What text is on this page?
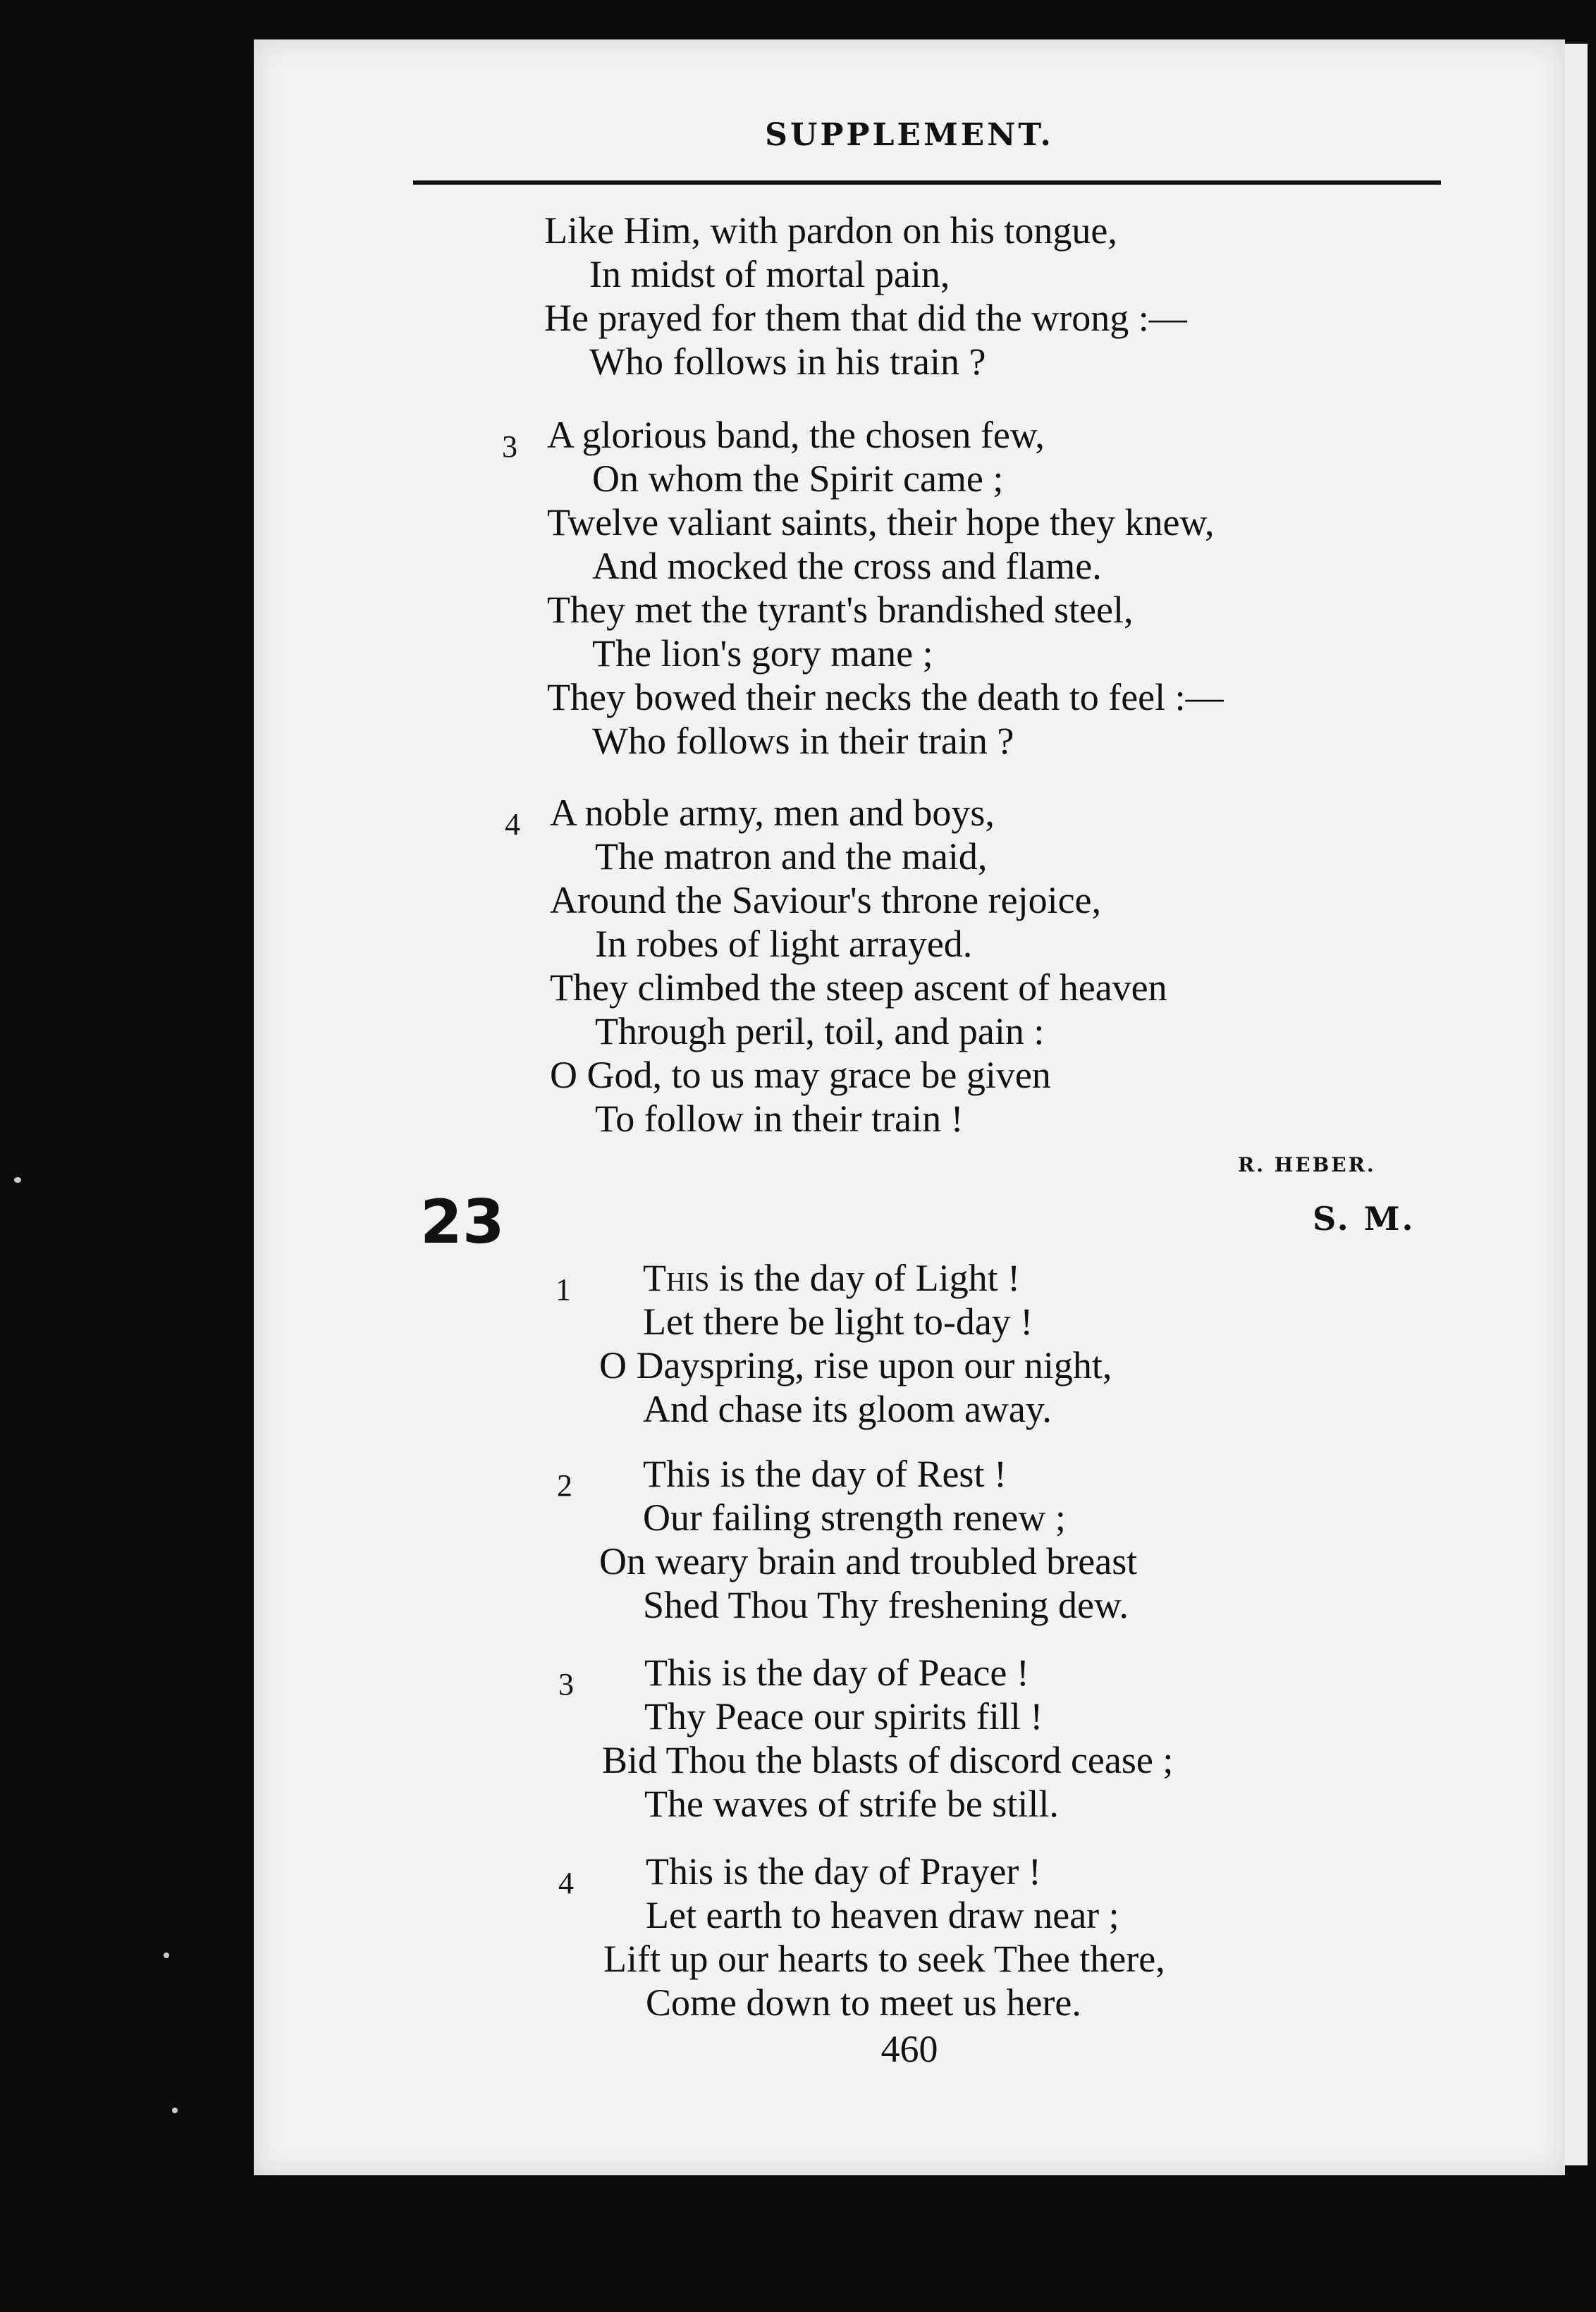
SUPPLEMENT.
Like Him, with pardon on his tongue,
In midst of mortal pain,
He prayed for them that did the wrong :—
Who follows in his train ?
3 A glorious band, the chosen few,
On whom the Spirit came ;
Twelve valiant saints, their hope they knew,
And mocked the cross and flame.
They met the tyrant's brandished steel,
The lion's gory mane ;
They bowed their necks the death to feel :—
Who follows in their train ?
4 A noble army, men and boys,
The matron and the maid,
Around the Saviour's throne rejoice,
In robes of light arrayed.
They climbed the steep ascent of heaven
Through peril, toil, and pain :
O God, to us may grace be given
To follow in their train !
R. HEBER.
23	S. M.
1 This is the day of Light !
Let there be light to-day !
O Dayspring, rise upon our night,
And chase its gloom away.
2 This is the day of Rest !
Our failing strength renew ;
On weary brain and troubled breast
Shed Thou Thy freshening dew.
3 This is the day of Peace !
Thy Peace our spirits fill !
Bid Thou the blasts of discord cease ;
The waves of strife be still.
4 This is the day of Prayer !
Let earth to heaven draw near ;
Lift up our hearts to seek Thee there,
Come down to meet us here.
460
